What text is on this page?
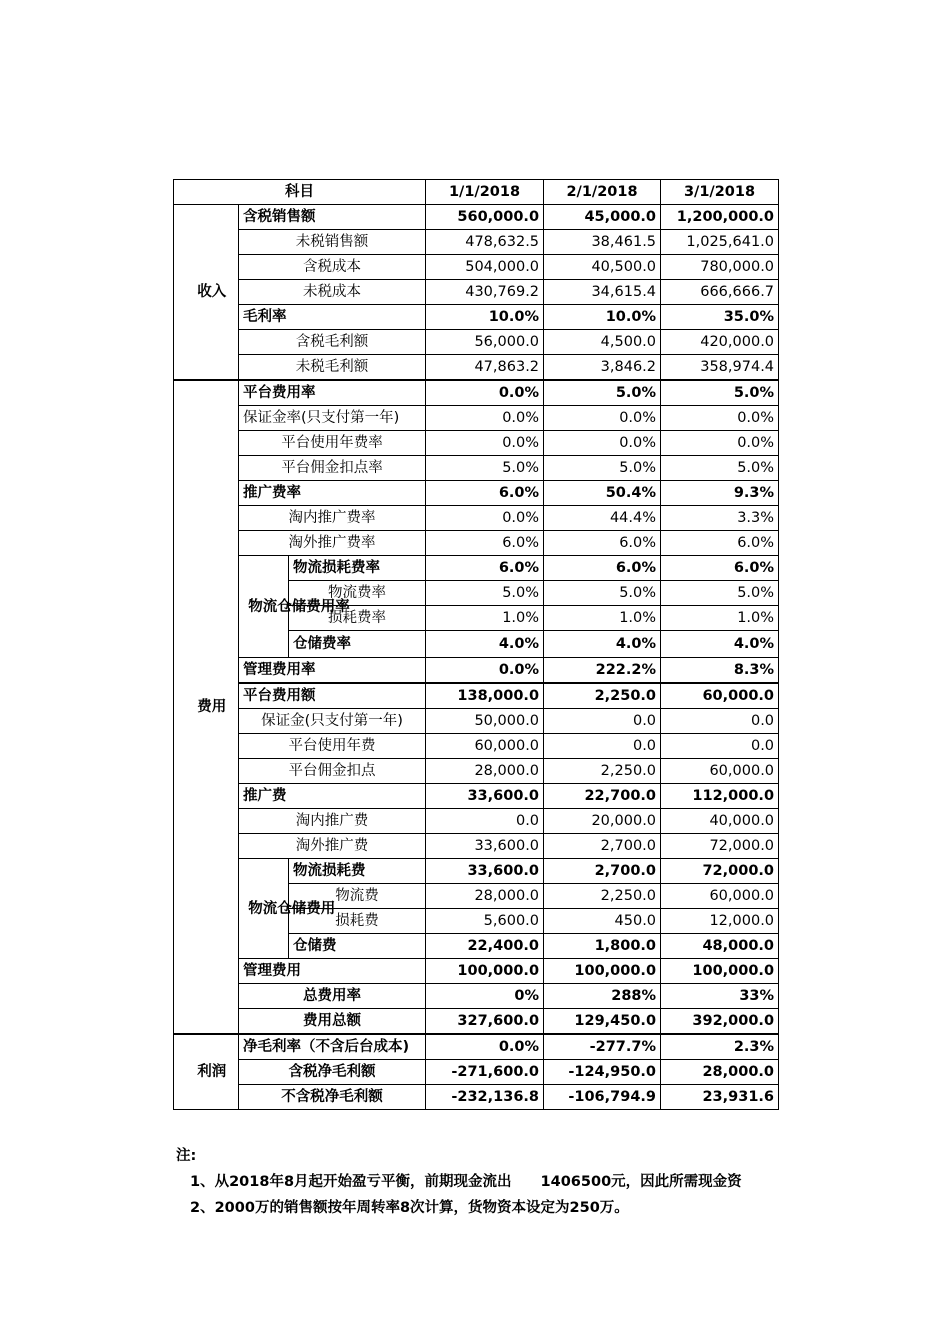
科目			1/1/2018	2/1/2018	3/1/2018
收入	含税销售额		560,000.0	45,000.0	1,200,000.0
	未税销售额		478,632.5	38,461.5	1,025,641.0
	含税成本		504,000.0	40,500.0	780,000.0
	未税成本		430,769.2	34,615.4	666,666.7
	毛利率		10.0%	10.0%	35.0%
	含税毛利额		56,000.0	4,500.0	420,000.0
	未税毛利额		47,863.2	3,846.2	358,974.4
费用	平台费用率		0.0%	5.0%	5.0%
	保证金率(只支付第一年)		0.0%	0.0%	0.0%
	平台使用年费率		0.0%	0.0%	0.0%
	平台佣金扣点率		5.0%	5.0%	5.0%
	推广费率		6.0%	50.4%	9.3%
	淘内推广费率		0.0%	44.4%	3.3%
	淘外推广费率		6.0%	6.0%	6.0%
	物流仓储费用率	物流损耗费率	6.0%	6.0%	6.0%
		物流费率	5.0%	5.0%	5.0%
		损耗费率	1.0%	1.0%	1.0%
		仓储费率	4.0%	4.0%	4.0%
	管理费用率		0.0%	222.2%	8.3%
	平台费用额		138,000.0	2,250.0	60,000.0
	保证金(只支付第一年)		50,000.0	0.0	0.0
	平台使用年费		60,000.0	0.0	0.0
	平台佣金扣点		28,000.0	2,250.0	60,000.0
	推广费		33,600.0	22,700.0	112,000.0
	淘内推广费		0.0	20,000.0	40,000.0
	淘外推广费		33,600.0	2,700.0	72,000.0
	物流仓储费用	物流损耗费	33,600.0	2,700.0	72,000.0
		物流费	28,000.0	2,250.0	60,000.0
		损耗费	5,600.0	450.0	12,000.0
		仓储费	22,400.0	1,800.0	48,000.0
	管理费用		100,000.0	100,000.0	100,000.0
	总费用率		0%	288%	33%
	费用总额		327,600.0	129,450.0	392,000.0
利润	净毛利率（不含后台成本)		0.0%	-277.7%	2.3%
	含税净毛利额		-271,600.0	-124,950.0	28,000.0
	不含税净毛利额		-232,136.8	-106,794.9	23,931.6
注:
1、从2018年8月起开始盈亏平衡，前期现金流出　　1406500元，因此所需现金资
2、2000万的销售额按年周转率8次计算，货物资本设定为250万。
